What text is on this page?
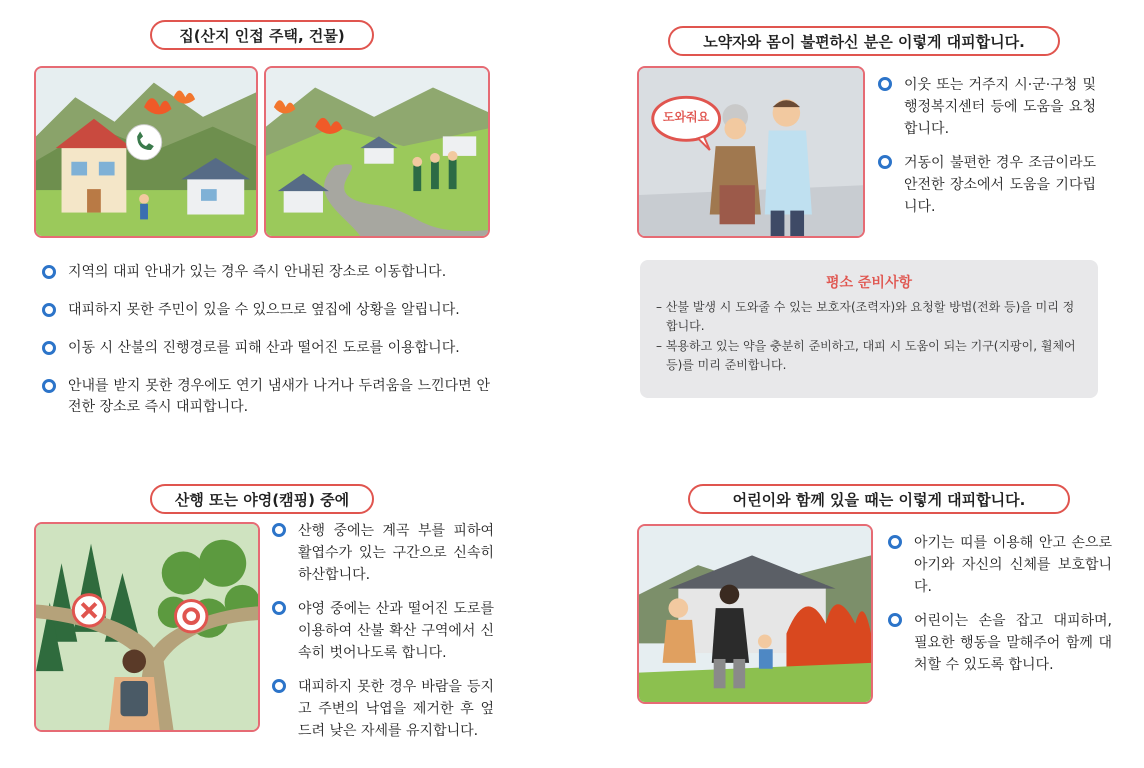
집(산지 인접 주택, 건물)
지역의 대피 안내가 있는 경우 즉시 안내된 장소로 이동합니다.
대피하지 못한 주민이 있을 수 있으므로 옆집에 상황을 알립니다.
이동 시 산불의 진행경로를 피해 산과 떨어진 도로를 이용합니다.
안내를 받지 못한 경우에도 연기 냄새가 나거나 두려움을 느낀다면 안전한 장소로 즉시 대피합니다.
노약자와 몸이 불편하신 분은 이렇게 대피합니다.
도와줘요
이웃 또는 거주지 시·군·구청 및 행정복지센터 등에 도움을 요청합니다.
거동이 불편한 경우 조금이라도 안전한 장소에서 도움을 기다립니다.
평소 준비사항

– 산불 발생 시 도와줄 수 있는 보호자(조력자)와 요청할 방법(전화 등)을 미리 정합니다.

– 복용하고 있는 약을 충분히 준비하고, 대피 시 도움이 되는 기구(지팡이, 휠체어 등)를 미리 준비합니다.

산행 또는 야영(캠핑) 중에
산행 중에는 계곡 부를 피하여 활엽수가 있는 구간으로 신속히 하산합니다.
야영 중에는 산과 떨어진 도로를 이용하여 산불 확산 구역에서 신속히 벗어나도록 합니다.
대피하지 못한 경우 바람을 등지고 주변의 낙엽을 제거한 후 엎드려 낮은 자세를 유지합니다.
어린이와 함께 있을 때는 이렇게 대피합니다.
아기는 띠를 이용해 안고 손으로 아기와 자신의 신체를 보호합니다.
어린이는 손을 잡고 대피하며, 필요한 행동을 말해주어 함께 대처할 수 있도록 합니다.
